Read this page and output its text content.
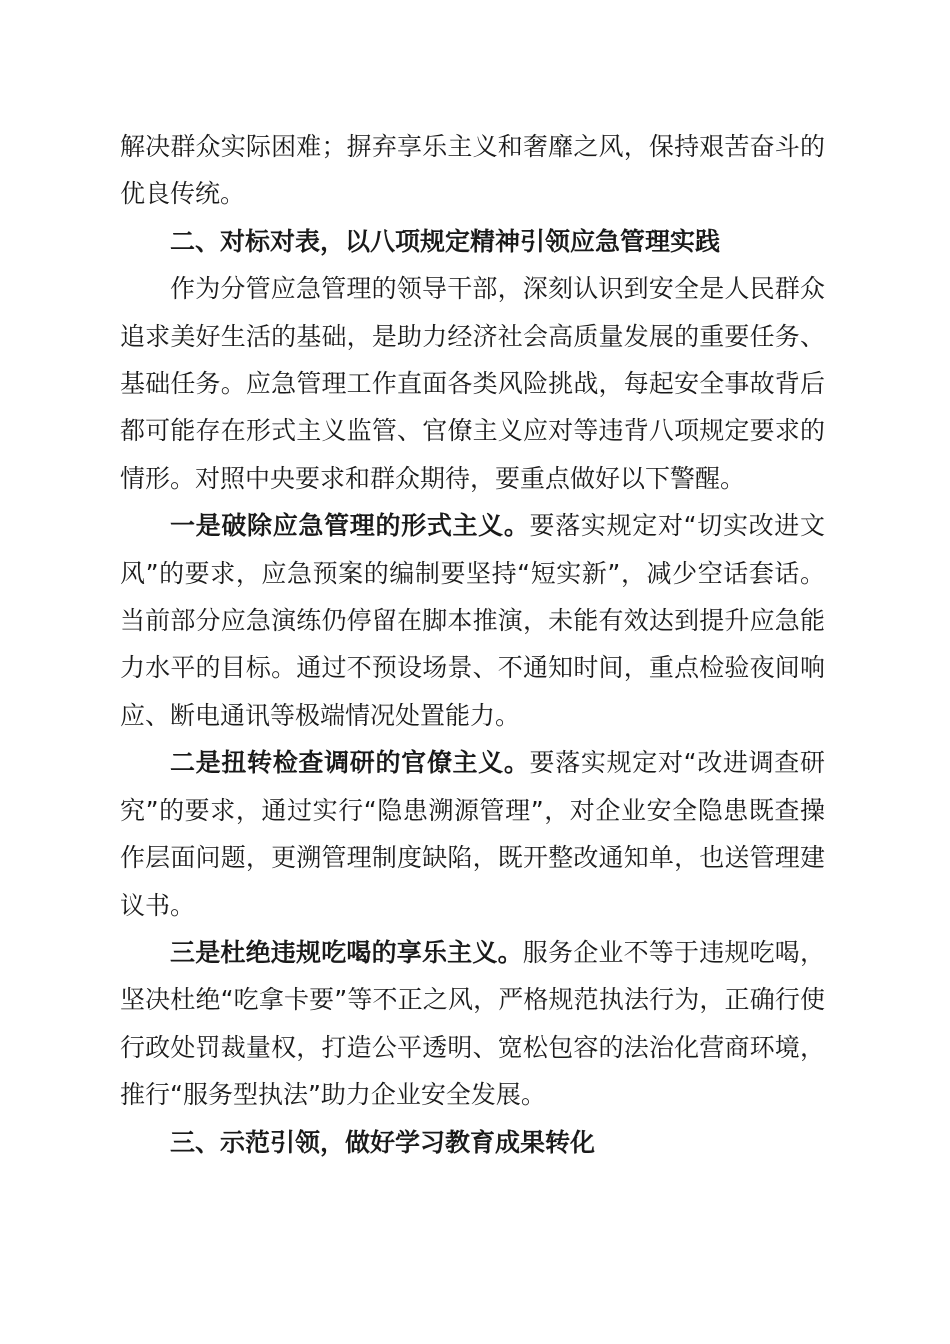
解决群众实际困难；摒弃享乐主义和奢靡之风，保持艰苦奋斗的优良传统。

二、对标对表，以八项规定精神引领应急管理实践

作为分管应急管理的领导干部，深刻认识到安全是人民群众追求美好生活的基础，是助力经济社会高质量发展的重要任务、基础任务。应急管理工作直面各类风险挑战，每起安全事故背后都可能存在形式主义监管、官僚主义应对等违背八项规定要求的情形。对照中央要求和群众期待，要重点做好以下警醒。

一是破除应急管理的形式主义。要落实规定对“切实改进文风”的要求，应急预案的编制要坚持“短实新”，减少空话套话。当前部分应急演练仍停留在脚本推演，未能有效达到提升应急能力水平的目标。通过不预设场景、不通知时间，重点检验夜间响应、断电通讯等极端情况处置能力。

二是扭转检查调研的官僚主义。要落实规定对“改进调查研究”的要求，通过实行“隐患溯源管理”，对企业安全隐患既查操作层面问题，更溯管理制度缺陷，既开整改通知单，也送管理建议书。

三是杜绝违规吃喝的享乐主义。服务企业不等于违规吃喝，坚决杜绝“吃拿卡要”等不正之风，严格规范执法行为，正确行使行政处罚裁量权，打造公平透明、宽松包容的法治化营商环境，推行“服务型执法”助力企业安全发展。

三、示范引领，做好学习教育成果转化
